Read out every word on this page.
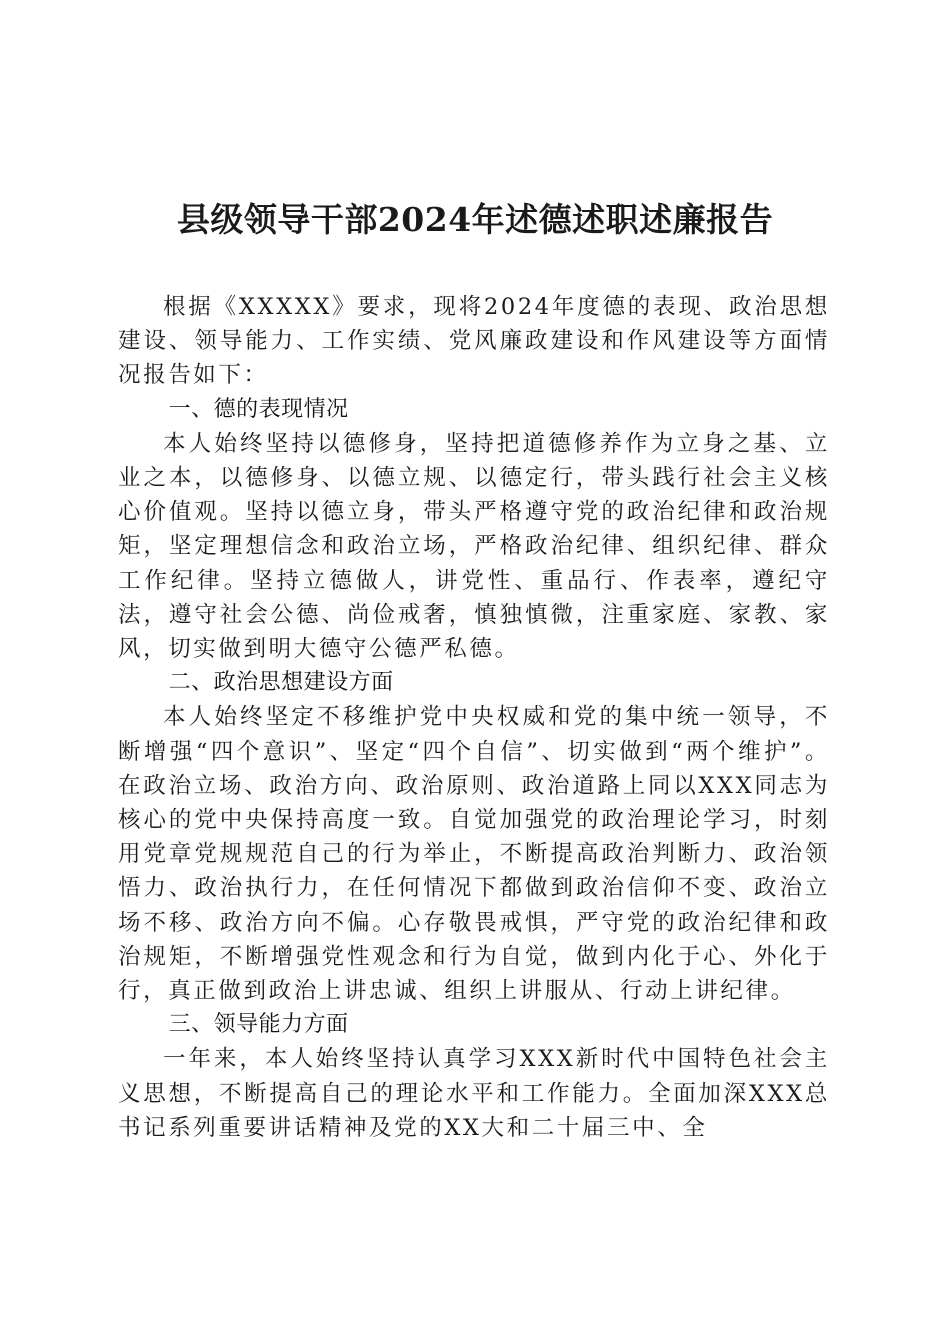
县级领导干部2024年述德述职述廉报告

根据《XXXXX》要求，现将2024年度德的表现、政治思想建设、领导能力、工作实绩、党风廉政建设和作风建设等方面情况报告如下：

一、德的表现情况

本人始终坚持以德修身，坚持把道德修养作为立身之基、立业之本，以德修身、以德立规、以德定行，带头践行社会主义核心价值观。坚持以德立身，带头严格遵守党的政治纪律和政治规矩，坚定理想信念和政治立场，严格政治纪律、组织纪律、群众工作纪律。坚持立德做人，讲党性、重品行、作表率，遵纪守法，遵守社会公德、尚俭戒奢，慎独慎微，注重家庭、家教、家风，切实做到明大德守公德严私德。

二、政治思想建设方面

本人始终坚定不移维护党中央权威和党的集中统一领导，不断增强“四个意识”、坚定“四个自信”、切实做到“两个维护”。在政治立场、政治方向、政治原则、政治道路上同以XXX同志为核心的党中央保持高度一致。自觉加强党的政治理论学习，时刻用党章党规规范自己的行为举止，不断提高政治判断力、政治领悟力、政治执行力，在任何情况下都做到政治信仰不变、政治立场不移、政治方向不偏。心存敬畏戒惧，严守党的政治纪律和政治规矩，不断增强党性观念和行为自觉，做到内化于心、外化于行，真正做到政治上讲忠诚、组织上讲服从、行动上讲纪律。

三、领导能力方面

一年来，本人始终坚持认真学习XXX新时代中国特色社会主义思想，不断提高自己的理论水平和工作能力。全面加深XXX总书记系列重要讲话精神及党的XX大和二十届三中、全
